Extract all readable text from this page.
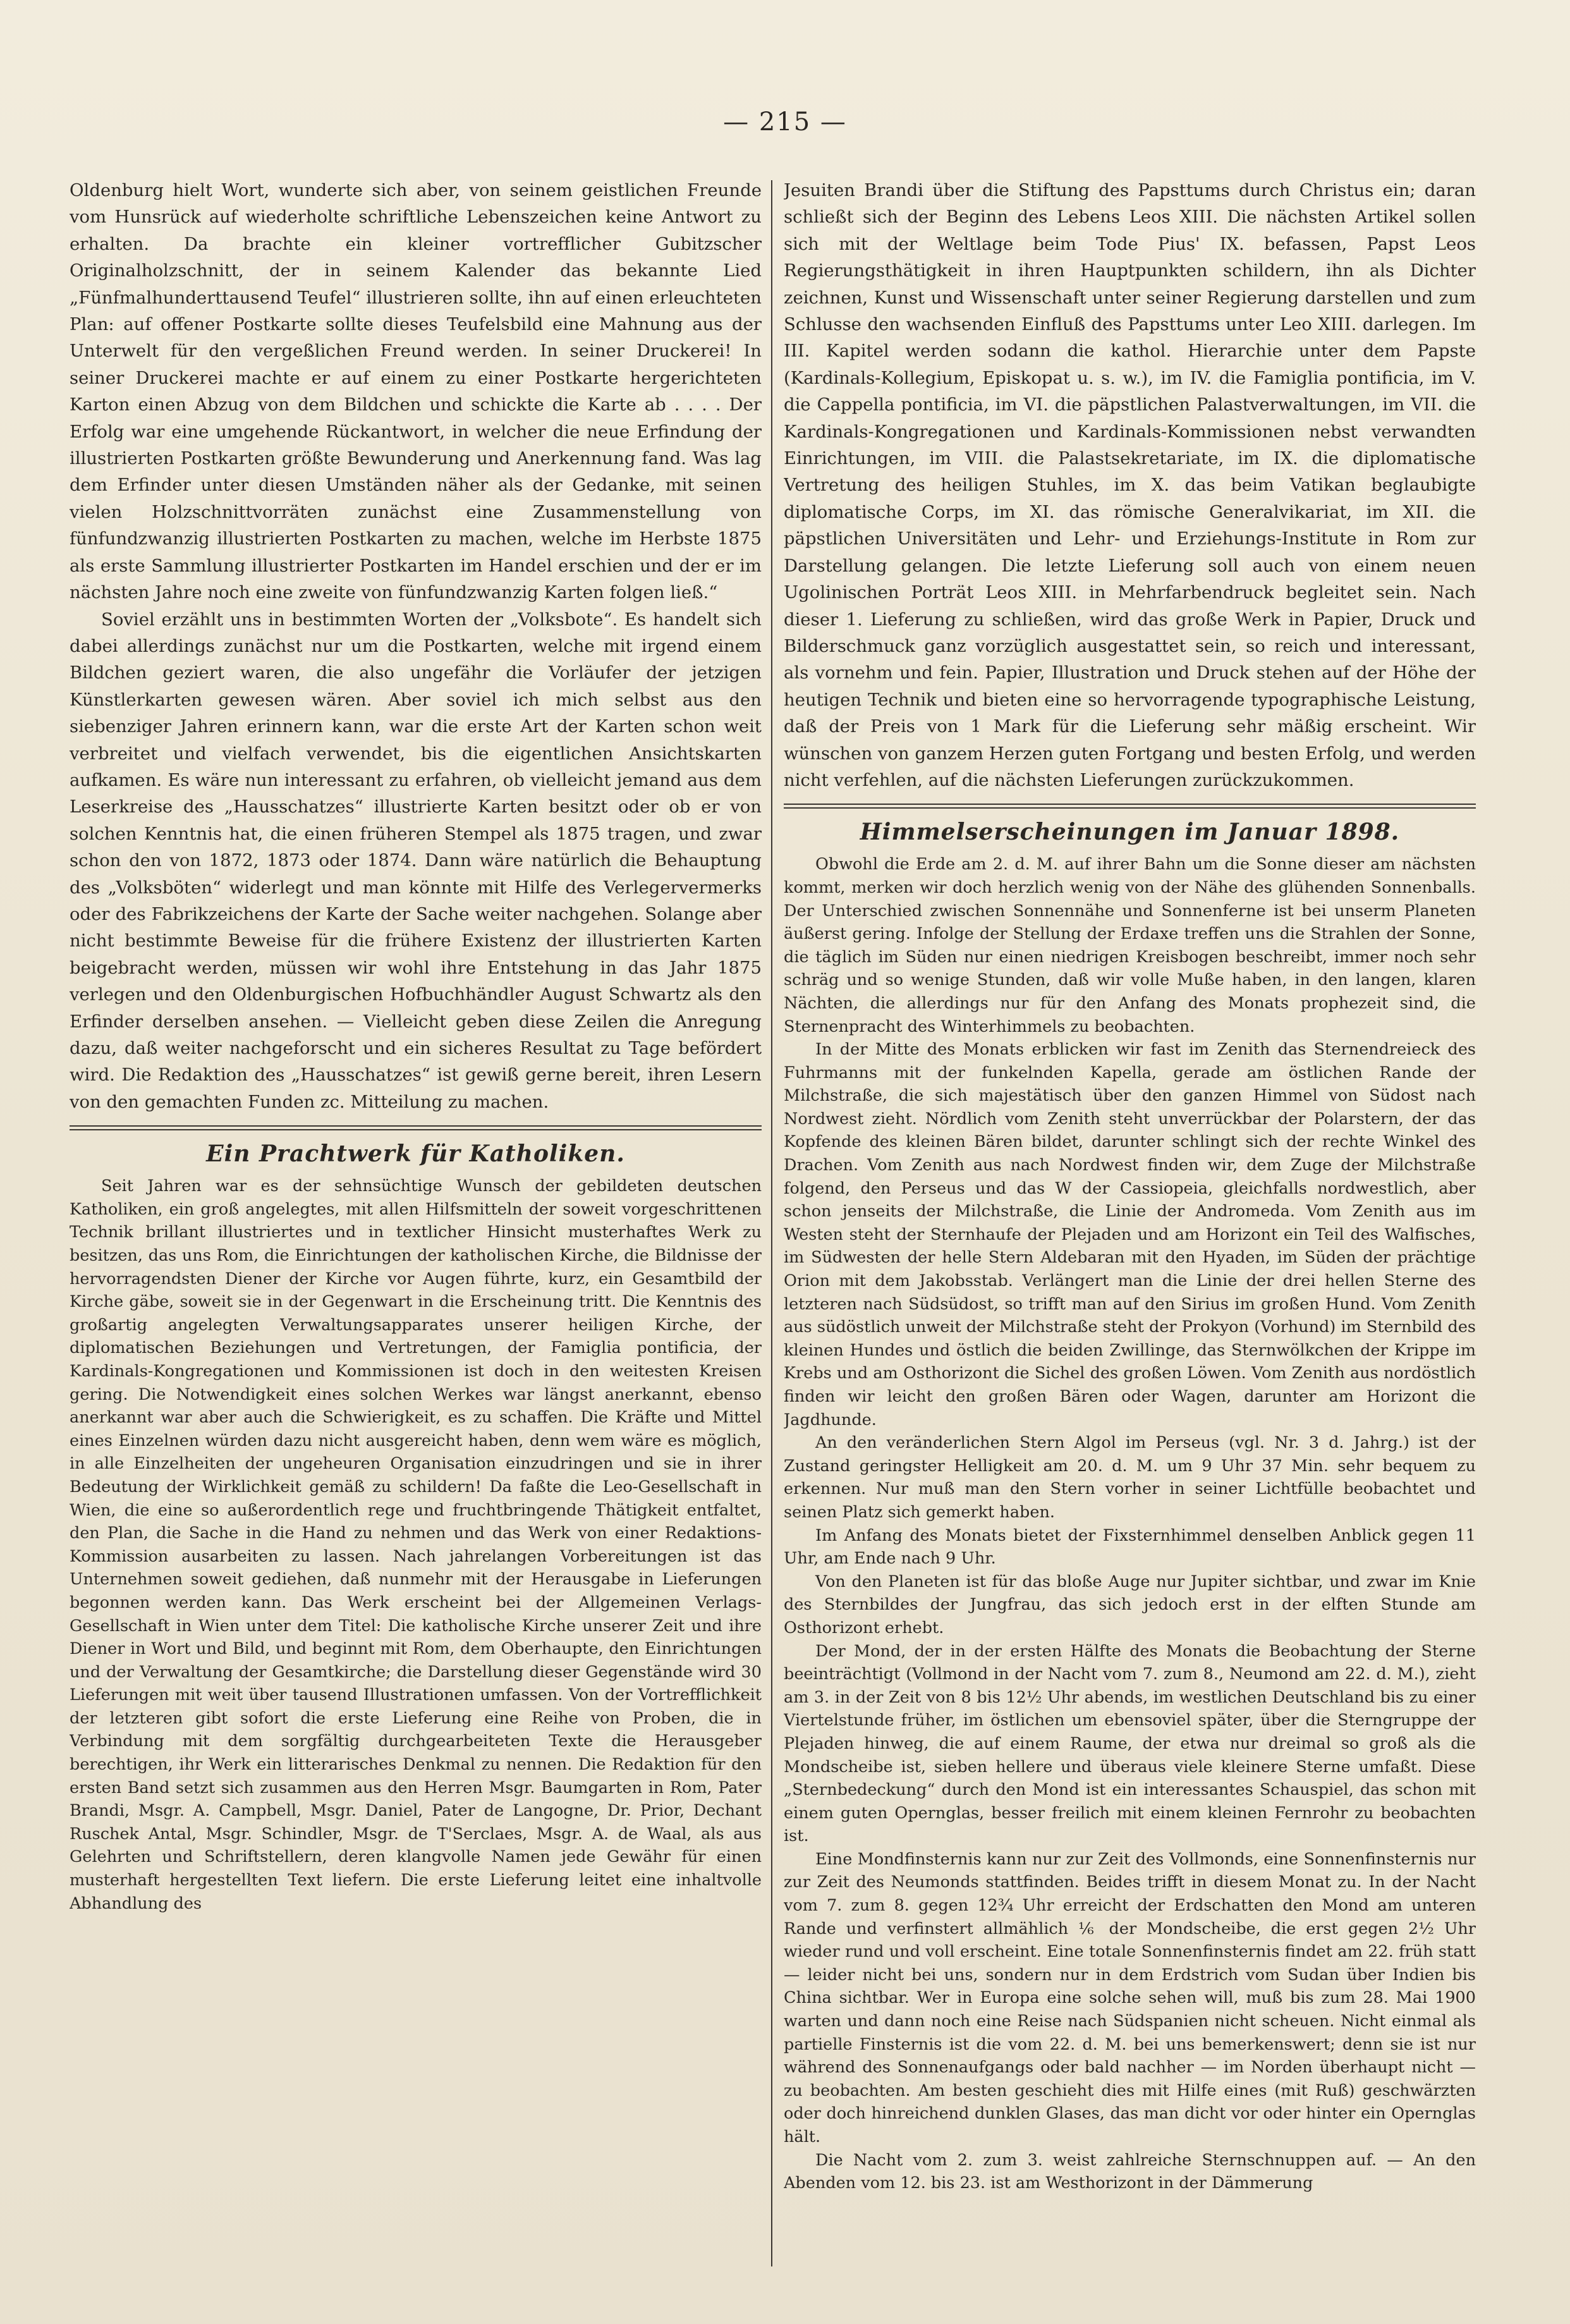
— 215 —

Oldenburg hielt Wort, wunderte sich aber, von seinem geistlichen Freunde vom Hunsrück auf wiederholte schriftliche Lebenszeichen keine Antwort zu erhalten. Da brachte ein kleiner vortrefflicher Gubitzscher Originalholzschnitt, der in seinem Kalender das bekannte Lied „Fünfmalhunderttausend Teufel“ illustrieren sollte, ihn auf einen erleuchteten Plan: auf offener Postkarte sollte dieses Teufelsbild eine Mahnung aus der Unterwelt für den vergeßlichen Freund werden. In seiner Druckerei! In seiner Druckerei machte er auf einem zu einer Postkarte hergerichteten Karton einen Abzug von dem Bildchen und schickte die Karte ab . . . . Der Erfolg war eine umgehende Rückantwort, in welcher die neue Erfindung der illustrierten Postkarten größte Bewunderung und Anerkennung fand. Was lag dem Erfinder unter diesen Umständen näher als der Gedanke, mit seinen vielen Holzschnittvorräten zunächst eine Zusammenstellung von fünfundzwanzig illustrierten Postkarten zu machen, welche im Herbste 1875 als erste Sammlung illustrierter Postkarten im Handel erschien und der er im nächsten Jahre noch eine zweite von fünfundzwanzig Karten folgen ließ.“

Soviel erzählt uns in bestimmten Worten der „Volksbote“. Es handelt sich dabei allerdings zunächst nur um die Postkarten, welche mit irgend einem Bildchen geziert waren, die also ungefähr die Vorläufer der jetzigen Künstlerkarten gewesen wären. Aber soviel ich mich selbst aus den siebenziger Jahren erinnern kann, war die erste Art der Karten schon weit verbreitet und vielfach verwendet, bis die eigentlichen Ansichtskarten aufkamen. Es wäre nun interessant zu erfahren, ob vielleicht jemand aus dem Leserkreise des „Hausschatzes“ illustrierte Karten besitzt oder ob er von solchen Kenntnis hat, die einen früheren Stempel als 1875 tragen, und zwar schon den von 1872, 1873 oder 1874. Dann wäre natürlich die Behauptung des „Volksböten“ widerlegt und man könnte mit Hilfe des Verlegervermerks oder des Fabrikzeichens der Karte der Sache weiter nachgehen. Solange aber nicht bestimmte Beweise für die frühere Existenz der illustrierten Karten beigebracht werden, müssen wir wohl ihre Entstehung in das Jahr 1875 verlegen und den Oldenburgischen Hofbuchhändler August Schwartz als den Erfinder derselben ansehen. — Vielleicht geben diese Zeilen die Anregung dazu, daß weiter nachgeforscht und ein sicheres Resultat zu Tage befördert wird. Die Redaktion des „Hausschatzes“ ist gewiß gerne bereit, ihren Lesern von den gemachten Funden zc. Mitteilung zu machen.

Ein Prachtwerk für Katholiken.

Seit Jahren war es der sehnsüchtige Wunsch der gebildeten deutschen Katholiken, ein groß angelegtes, mit allen Hilfsmitteln der soweit vorgeschrittenen Technik brillant illustriertes und in textlicher Hinsicht musterhaftes Werk zu besitzen, das uns Rom, die Einrichtungen der katholischen Kirche, die Bildnisse der hervorragendsten Diener der Kirche vor Augen führte, kurz, ein Gesamtbild der Kirche gäbe, soweit sie in der Gegenwart in die Erscheinung tritt. Die Kenntnis des großartig angelegten Verwaltungsapparates unserer heiligen Kirche, der diplomatischen Beziehungen und Vertretungen, der Famiglia pontificia, der Kardinals-Kongregationen und Kommissionen ist doch in den weitesten Kreisen gering. Die Notwendigkeit eines solchen Werkes war längst anerkannt, ebenso anerkannt war aber auch die Schwierigkeit, es zu schaffen. Die Kräfte und Mittel eines Einzelnen würden dazu nicht ausgereicht haben, denn wem wäre es möglich, in alle Einzelheiten der ungeheuren Organisation einzudringen und sie in ihrer Bedeutung der Wirklichkeit gemäß zu schildern! Da faßte die Leo-Gesellschaft in Wien, die eine so außerordentlich rege und fruchtbringende Thätigkeit entfaltet, den Plan, die Sache in die Hand zu nehmen und das Werk von einer Redaktions-Kommission ausarbeiten zu lassen. Nach jahrelangen Vorbereitungen ist das Unternehmen soweit gediehen, daß nunmehr mit der Herausgabe in Lieferungen begonnen werden kann. Das Werk erscheint bei der Allgemeinen Verlags-Gesellschaft in Wien unter dem Titel: Die katholische Kirche unserer Zeit und ihre Diener in Wort und Bild, und beginnt mit Rom, dem Oberhaupte, den Einrichtungen und der Verwaltung der Gesamtkirche; die Darstellung dieser Gegenstände wird 30 Lieferungen mit weit über tausend Illustrationen umfassen. Von der Vortrefflichkeit der letzteren gibt sofort die erste Lieferung eine Reihe von Proben, die in Verbindung mit dem sorgfältig durchgearbeiteten Texte die Herausgeber berechtigen, ihr Werk ein litterarisches Denkmal zu nennen. Die Redaktion für den ersten Band setzt sich zusammen aus den Herren Msgr. Baumgarten in Rom, Pater Brandi, Msgr. A. Campbell, Msgr. Daniel, Pater de Langogne, Dr. Prior, Dechant Ruschek Antal, Msgr. Schindler, Msgr. de T'Serclaes, Msgr. A. de Waal, als aus Gelehrten und Schriftstellern, deren klangvolle Namen jede Gewähr für einen musterhaft hergestellten Text liefern. Die erste Lieferung leitet eine inhaltvolle Abhandlung des

Jesuiten Brandi über die Stiftung des Papsttums durch Christus ein; daran schließt sich der Beginn des Lebens Leos XIII. Die nächsten Artikel sollen sich mit der Weltlage beim Tode Pius' IX. befassen, Papst Leos Regierungsthätigkeit in ihren Hauptpunkten schildern, ihn als Dichter zeichnen, Kunst und Wissenschaft unter seiner Regierung darstellen und zum Schlusse den wachsenden Einfluß des Papsttums unter Leo XIII. darlegen. Im III. Kapitel werden sodann die kathol. Hierarchie unter dem Papste (Kardinals-Kollegium, Episkopat u. s. w.), im IV. die Famiglia pontificia, im V. die Cappella pontificia, im VI. die päpstlichen Palastverwaltungen, im VII. die Kardinals-Kongregationen und Kardinals-Kommissionen nebst verwandten Einrichtungen, im VIII. die Palastsekretariate, im IX. die diplomatische Vertretung des heiligen Stuhles, im X. das beim Vatikan beglaubigte diplomatische Corps, im XI. das römische Generalvikariat, im XII. die päpstlichen Universitäten und Lehr- und Erziehungs-Institute in Rom zur Darstellung gelangen. Die letzte Lieferung soll auch von einem neuen Ugolinischen Porträt Leos XIII. in Mehrfarbendruck begleitet sein. Nach dieser 1. Lieferung zu schließen, wird das große Werk in Papier, Druck und Bilderschmuck ganz vorzüglich ausgestattet sein, so reich und interessant, als vornehm und fein. Papier, Illustration und Druck stehen auf der Höhe der heutigen Technik und bieten eine so hervorragende typographische Leistung, daß der Preis von 1 Mark für die Lieferung sehr mäßig erscheint. Wir wünschen von ganzem Herzen guten Fortgang und besten Erfolg, und werden nicht verfehlen, auf die nächsten Lieferungen zurückzukommen.

Himmelserscheinungen im Januar 1898.

Obwohl die Erde am 2. d. M. auf ihrer Bahn um die Sonne dieser am nächsten kommt, merken wir doch herzlich wenig von der Nähe des glühenden Sonnenballs. Der Unterschied zwischen Sonnennähe und Sonnenferne ist bei unserm Planeten äußerst gering. Infolge der Stellung der Erdaxe treffen uns die Strahlen der Sonne, die täglich im Süden nur einen niedrigen Kreisbogen beschreibt, immer noch sehr schräg und so wenige Stunden, daß wir volle Muße haben, in den langen, klaren Nächten, die allerdings nur für den Anfang des Monats prophezeit sind, die Sternenpracht des Winterhimmels zu beobachten.

In der Mitte des Monats erblicken wir fast im Zenith das Sternendreieck des Fuhrmanns mit der funkelnden Kapella, gerade am östlichen Rande der Milchstraße, die sich majestätisch über den ganzen Himmel von Südost nach Nordwest zieht. Nördlich vom Zenith steht unverrückbar der Polarstern, der das Kopfende des kleinen Bären bildet, darunter schlingt sich der rechte Winkel des Drachen. Vom Zenith aus nach Nordwest finden wir, dem Zuge der Milchstraße folgend, den Perseus und das W der Cassiopeia, gleichfalls nordwestlich, aber schon jenseits der Milchstraße, die Linie der Andromeda. Vom Zenith aus im Westen steht der Sternhaufe der Plejaden und am Horizont ein Teil des Walfisches, im Südwesten der helle Stern Aldebaran mit den Hyaden, im Süden der prächtige Orion mit dem Jakobsstab. Verlängert man die Linie der drei hellen Sterne des letzteren nach Südsüdost, so trifft man auf den Sirius im großen Hund. Vom Zenith aus südöstlich unweit der Milchstraße steht der Prokyon (Vorhund) im Sternbild des kleinen Hundes und östlich die beiden Zwillinge, das Sternwölkchen der Krippe im Krebs und am Osthorizont die Sichel des großen Löwen. Vom Zenith aus nordöstlich finden wir leicht den großen Bären oder Wagen, darunter am Horizont die Jagdhunde.

An den veränderlichen Stern Algol im Perseus (vgl. Nr. 3 d. Jahrg.) ist der Zustand geringster Helligkeit am 20. d. M. um 9 Uhr 37 Min. sehr bequem zu erkennen. Nur muß man den Stern vorher in seiner Lichtfülle beobachtet und seinen Platz sich gemerkt haben.

Im Anfang des Monats bietet der Fixsternhimmel denselben Anblick gegen 11 Uhr, am Ende nach 9 Uhr.

Von den Planeten ist für das bloße Auge nur Jupiter sichtbar, und zwar im Knie des Sternbildes der Jungfrau, das sich jedoch erst in der elften Stunde am Osthorizont erhebt.

Der Mond, der in der ersten Hälfte des Monats die Beobachtung der Sterne beeinträchtigt (Vollmond in der Nacht vom 7. zum 8., Neumond am 22. d. M.), zieht am 3. in der Zeit von 8 bis 12½ Uhr abends, im westlichen Deutschland bis zu einer Viertelstunde früher, im östlichen um ebensoviel später, über die Sterngruppe der Plejaden hinweg, die auf einem Raume, der etwa nur dreimal so groß als die Mondscheibe ist, sieben hellere und überaus viele kleinere Sterne umfaßt. Diese „Sternbedeckung“ durch den Mond ist ein interessantes Schauspiel, das schon mit einem guten Opernglas, besser freilich mit einem kleinen Fernrohr zu beobachten ist.

Eine Mondfinsternis kann nur zur Zeit des Vollmonds, eine Sonnenfinsternis nur zur Zeit des Neumonds stattfinden. Beides trifft in diesem Monat zu. In der Nacht vom 7. zum 8. gegen 12¾ Uhr erreicht der Erdschatten den Mond am unteren Rande und verfinstert allmählich ⅙ der Mondscheibe, die erst gegen 2½ Uhr wieder rund und voll erscheint. Eine totale Sonnenfinsternis findet am 22. früh statt — leider nicht bei uns, sondern nur in dem Erdstrich vom Sudan über Indien bis China sichtbar. Wer in Europa eine solche sehen will, muß bis zum 28. Mai 1900 warten und dann noch eine Reise nach Südspanien nicht scheuen. Nicht einmal als partielle Finsternis ist die vom 22. d. M. bei uns bemerkenswert; denn sie ist nur während des Sonnenaufgangs oder bald nachher — im Norden überhaupt nicht — zu beobachten. Am besten geschieht dies mit Hilfe eines (mit Ruß) geschwärzten oder doch hinreichend dunklen Glases, das man dicht vor oder hinter ein Opernglas hält.

Die Nacht vom 2. zum 3. weist zahlreiche Sternschnuppen auf. — An den Abenden vom 12. bis 23. ist am Westhorizont in der Dämmerung
